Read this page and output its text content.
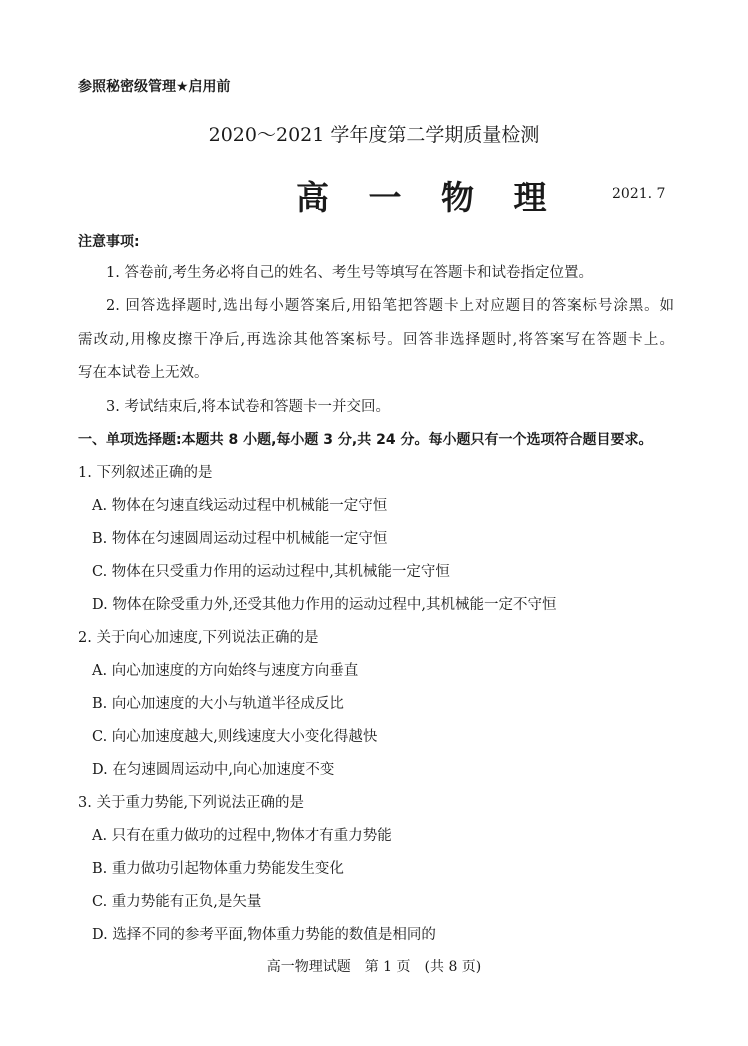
参照秘密级管理★启用前
2020～2021 学年度第二学期质量检测
高 一 物 理	2021. 7
注意事项:
1. 答卷前,考生务必将自己的姓名、考生号等填写在答题卡和试卷指定位置。
2. 回答选择题时,选出每小题答案后,用铅笔把答题卡上对应题目的答案标号涂黑。如
需改动,用橡皮擦干净后,再选涂其他答案标号。回答非选择题时,将答案写在答题卡上。
写在本试卷上无效。
3. 考试结束后,将本试卷和答题卡一并交回。
一、单项选择题:本题共 8 小题,每小题 3 分,共 24 分。每小题只有一个选项符合题目要求。
1. 下列叙述正确的是
A. 物体在匀速直线运动过程中机械能一定守恒
B. 物体在匀速圆周运动过程中机械能一定守恒
C. 物体在只受重力作用的运动过程中,其机械能一定守恒
D. 物体在除受重力外,还受其他力作用的运动过程中,其机械能一定不守恒
2. 关于向心加速度,下列说法正确的是
A. 向心加速度的方向始终与速度方向垂直
B. 向心加速度的大小与轨道半径成反比
C. 向心加速度越大,则线速度大小变化得越快
D. 在匀速圆周运动中,向心加速度不变
3. 关于重力势能,下列说法正确的是
A. 只有在重力做功的过程中,物体才有重力势能
B. 重力做功引起物体重力势能发生变化
C. 重力势能有正负,是矢量
D. 选择不同的参考平面,物体重力势能的数值是相同的
高一物理试题　第 1 页　(共 8 页)
